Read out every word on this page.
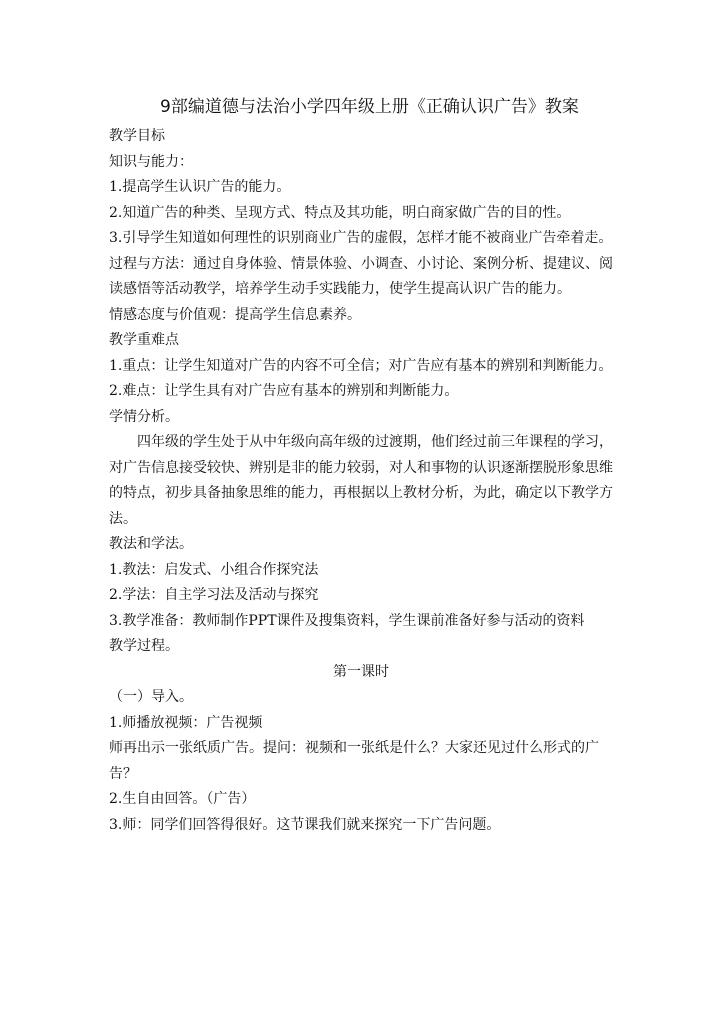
9部编道德与法治小学四年级上册《正确认识广告》教案

教学目标

知识与能力：

1.提高学生认识广告的能力。

2.知道广告的种类、呈现方式、特点及其功能，明白商家做广告的目的性。

3.引导学生知道如何理性的识别商业广告的虚假，怎样才能不被商业广告牵着走。

过程与方法：通过自身体验、情景体验、小调查、小讨论、案例分析、提建议、阅读感悟等活动教学，培养学生动手实践能力，使学生提高认识广告的能力。

情感态度与价值观：提高学生信息素养。

教学重难点

1.重点：让学生知道对广告的内容不可全信；对广告应有基本的辨别和判断能力。

2.难点：让学生具有对广告应有基本的辨别和判断能力。

学情分析。

四年级的学生处于从中年级向高年级的过渡期，他们经过前三年课程的学习，对广告信息接受较快、辨别是非的能力较弱，对人和事物的认识逐渐摆脱形象思维的特点，初步具备抽象思维的能力，再根据以上教材分析，为此，确定以下教学方法。

教法和学法。

1.教法：启发式、小组合作探究法

2.学法：自主学习法及活动与探究

3.教学准备：教师制作PPT课件及搜集资料，学生课前准备好参与活动的资料

教学过程。

第一课时

（一）导入。

1.师播放视频：广告视频

师再出示一张纸质广告。提问：视频和一张纸是什么？大家还见过什么形式的广告？

2.生自由回答。（广告）

3.师：同学们回答得很好。这节课我们就来探究一下广告问题。
